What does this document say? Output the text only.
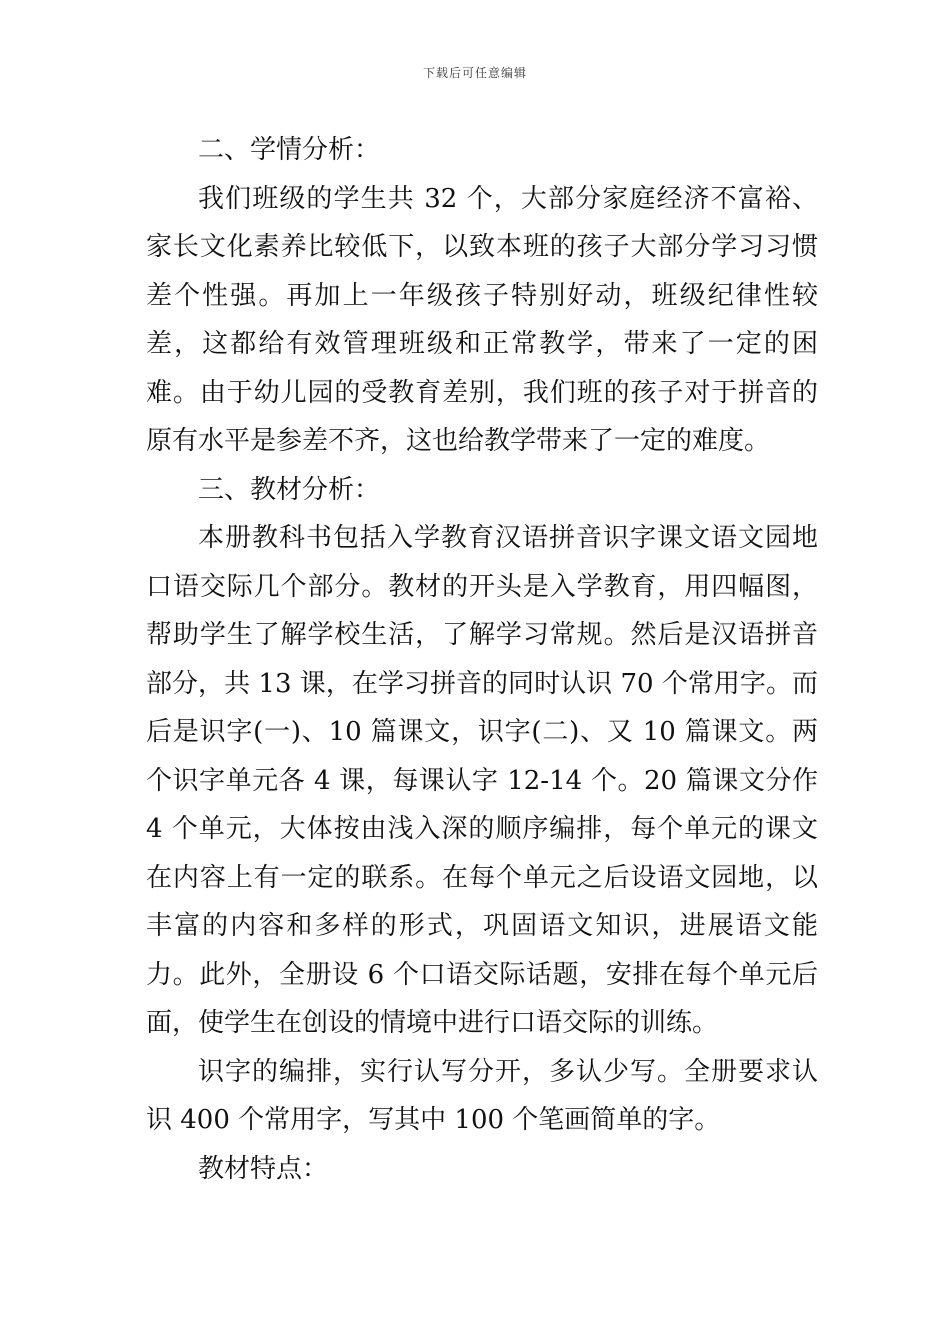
下载后可任意编辑

二、学情分析：

我们班级的学生共 32 个，大部分家庭经济不富裕、家长文化素养比较低下，以致本班的孩子大部分学习习惯差个性强。再加上一年级孩子特别好动，班级纪律性较差，这都给有效管理班级和正常教学，带来了一定的困难。由于幼儿园的受教育差别，我们班的孩子对于拼音的原有水平是参差不齐，这也给教学带来了一定的难度。

三、教材分析：

本册教科书包括入学教育汉语拼音识字课文语文园地口语交际几个部分。教材的开头是入学教育，用四幅图，帮助学生了解学校生活，了解学习常规。然后是汉语拼音部分，共 13 课，在学习拼音的同时认识 70 个常用字。而后是识字(一)、10 篇课文，识字(二)、又 10 篇课文。两个识字单元各 4 课，每课认字 12-14 个。20 篇课文分作 4 个单元，大体按由浅入深的顺序编排，每个单元的课文在内容上有一定的联系。在每个单元之后设语文园地，以丰富的内容和多样的形式，巩固语文知识，进展语文能力。此外，全册设 6 个口语交际话题，安排在每个单元后面，使学生在创设的情境中进行口语交际的训练。

识字的编排，实行认写分开，多认少写。全册要求认识 400 个常用字，写其中 100 个笔画简单的字。

教材特点：
